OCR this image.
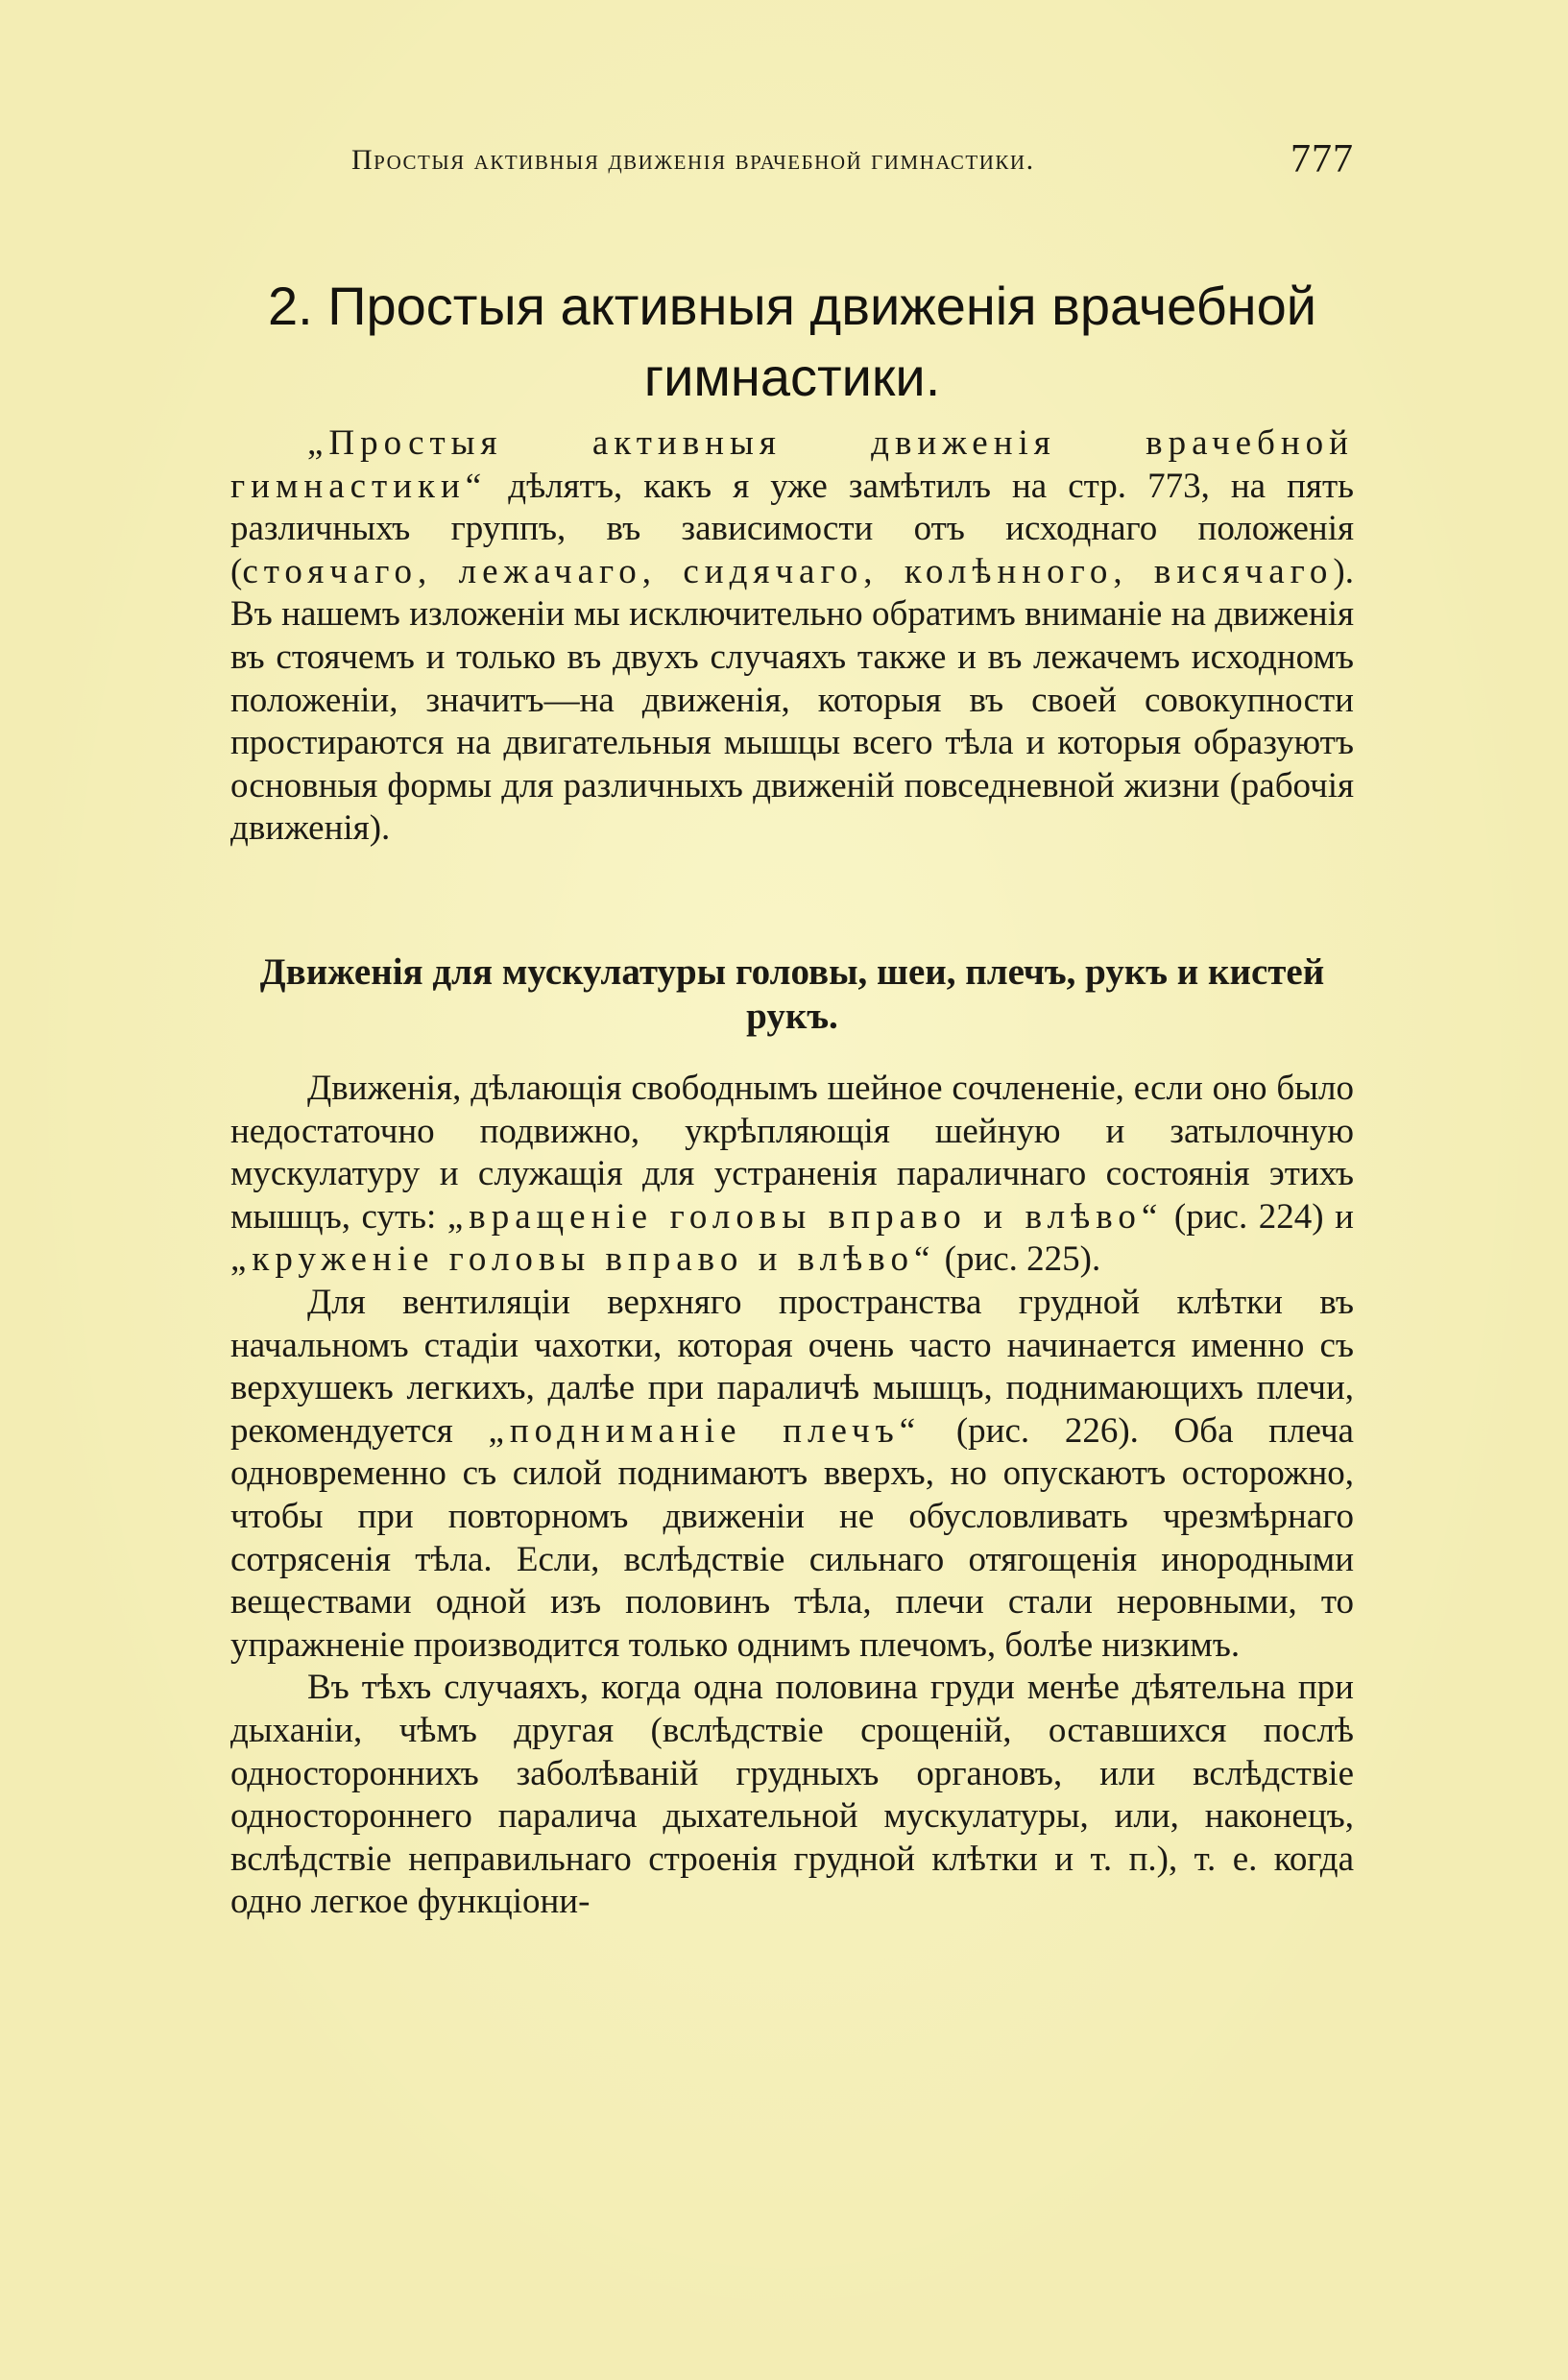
Простыя активныя движенія врачебной гимнастики.	777
2. Простыя активныя движенія врачебной гимнастики.

„Простыя активныя движенія врачебной гимнастики“ дѣлятъ, какъ я уже замѣтилъ на стр. 773, на пять различныхъ группъ, въ зависимости отъ исходнаго положенія (стоячаго, лежачаго, сидячаго, колѣнного, висячаго). Въ нашемъ изложеніи мы исключительно обратимъ вниманіе на движенія въ стоячемъ и только въ двухъ случаяхъ также и въ лежачемъ исходномъ положеніи, значитъ—на движенія, которыя въ своей совокупности простираются на двигательныя мышцы всего тѣла и которыя образуютъ основныя формы для различныхъ движеній повседневной жизни (рабочія движенія).

Движенія для мускулатуры головы, шеи, плечъ, рукъ и кистей рукъ.

Движенія, дѣлающія свободнымъ шейное сочлененіе, если оно было недостаточно подвижно, укрѣпляющія шейную и затылочную мускулатуру и служащія для устраненія параличнаго состоянія этихъ мышцъ, суть: „вращеніе головы вправо и влѣво“ (рис. 224) и „круженіе головы вправо и влѣво“ (рис. 225).

Для вентиляціи верхняго пространства грудной клѣтки въ начальномъ стадіи чахотки, которая очень часто начинается именно съ верхушекъ легкихъ, далѣе при параличѣ мышцъ, поднимающихъ плечи, рекомендуется „подниманіе плечъ“ (рис. 226). Оба плеча одновременно съ силой поднимаютъ вверхъ, но опускаютъ осторожно, чтобы при повторномъ движеніи не обусловливать чрезмѣрнаго сотрясенія тѣла. Если, вслѣдствіе сильнаго отягощенія инородными веществами одной изъ половинъ тѣла, плечи стали неровными, то упражненіе производится только однимъ плечомъ, болѣе низкимъ.

Въ тѣхъ случаяхъ, когда одна половина груди менѣе дѣятельна при дыханіи, чѣмъ другая (вслѣдствіе срощеній, оставшихся послѣ одностороннихъ заболѣваній грудныхъ органовъ, или вслѣдствіе одностороннего паралича дыхательной мускулатуры, или, наконецъ, вслѣдствіе неправильнаго строенія грудной клѣтки и т. п.), т. е. когда одно легкое функціони-
